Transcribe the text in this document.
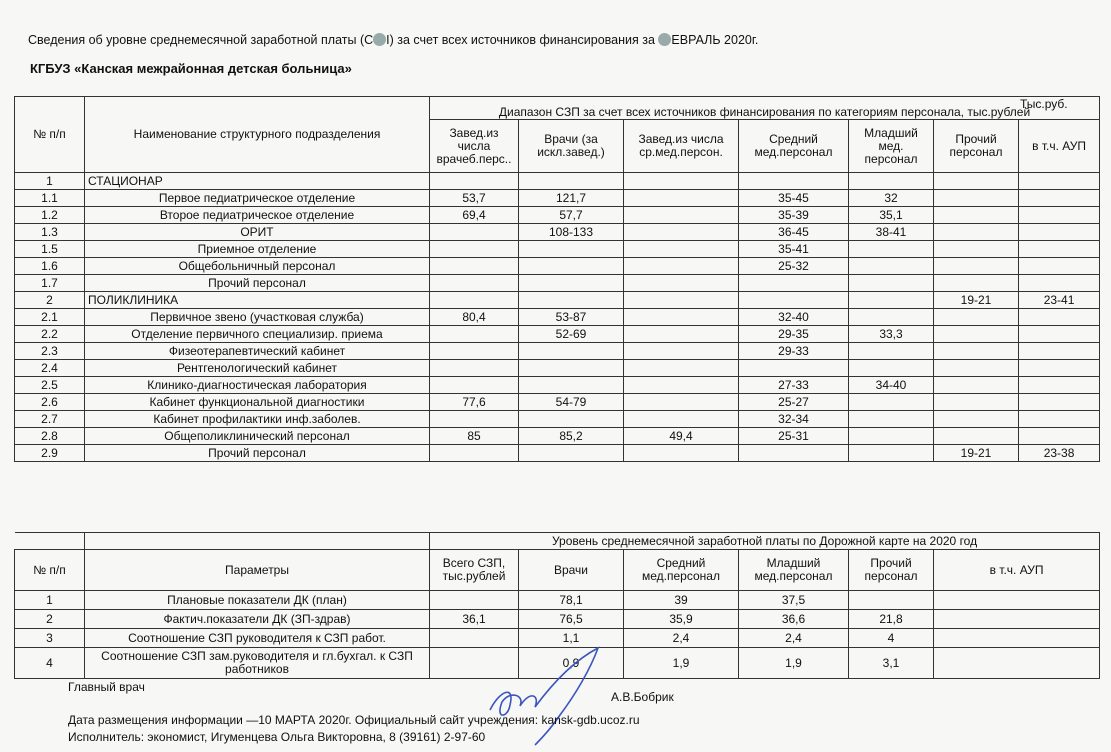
Сведения об уровне среднемесячной заработной платы (С I) за счет всех источников финансирования за ЕВРАЛЬ 2020г.
КГБУЗ «Канская межрайонная детская больница»
Тыс.руб.
№ п/п	Наименование структурного подразделения	Диапазон СЗП за счет всех источников финансирования по категориям персонала, тыс.рублей						
		Завед.из числа врачеб.перс..	Врачи (за искл.завед.)	Завед.из числа ср.мед.персон.	Средний мед.персонал	Младший мед. персонал	Прочий персонал	в т.ч. АУП
1	СТАЦИОНАР							
1.1	Первое педиатрическое отделение	53,7	121,7		35-45	32		
1.2	Второе педиатрическое отделение	69,4	57,7		35-39	35,1		
1.3	ОРИТ		108-133		36-45	38-41		
1.5	Приемное отделение				35-41			
1.6	Общебольничный персонал				25-32			
1.7	Прочий персонал							
2	ПОЛИКЛИНИКА						19-21	23-41
2.1	Первичное звено (участковая служба)	80,4	53-87		32-40			
2.2	Отделение первичного специализир. приема		52-69		29-35	33,3		
2.3	Физеотерапевтический кабинет				29-33			
2.4	Рентгенологический кабинет							
2.5	Клинико-диагностическая лаборатория				27-33	34-40		
2.6	Кабинет функциональной диагностики	77,6	54-79		25-27			
2.7	Кабинет профилактики инф.заболев.				32-34			
2.8	Общеполиклинический персонал	85	85,2	49,4	25-31			
2.9	Прочий персонал						19-21	23-38
		Уровень среднемесячной заработной платы по Дорожной карте на 2020 год					
№ п/п	Параметры	Всего СЗП, тыс.рублей	Врачи	Средний мед.персонал	Младший мед.персонал	Прочий персонал	в т.ч. АУП
1	Плановые показатели ДК (план)		78,1	39	37,5		
2	Фактич.показатели ДК (ЗП-здрав)	36,1	76,5	35,9	36,6	21,8	
3	Соотношение СЗП руководителя к СЗП работ.		1,1	2,4	2,4	4	
4	Соотношение СЗП зам.руководителя и гл.бухгал. к СЗП работников		0,9	1,9	1,9	3,1	
Главный врач
А.В.Бобрик
Дата размещения информации —10 МАРТА 2020г. Официальный сайт учреждения: kansk-gdb.ucoz.ru
Исполнитель: экономист, Игуменцева Ольга Викторовна, 8 (39161) 2-97-60
